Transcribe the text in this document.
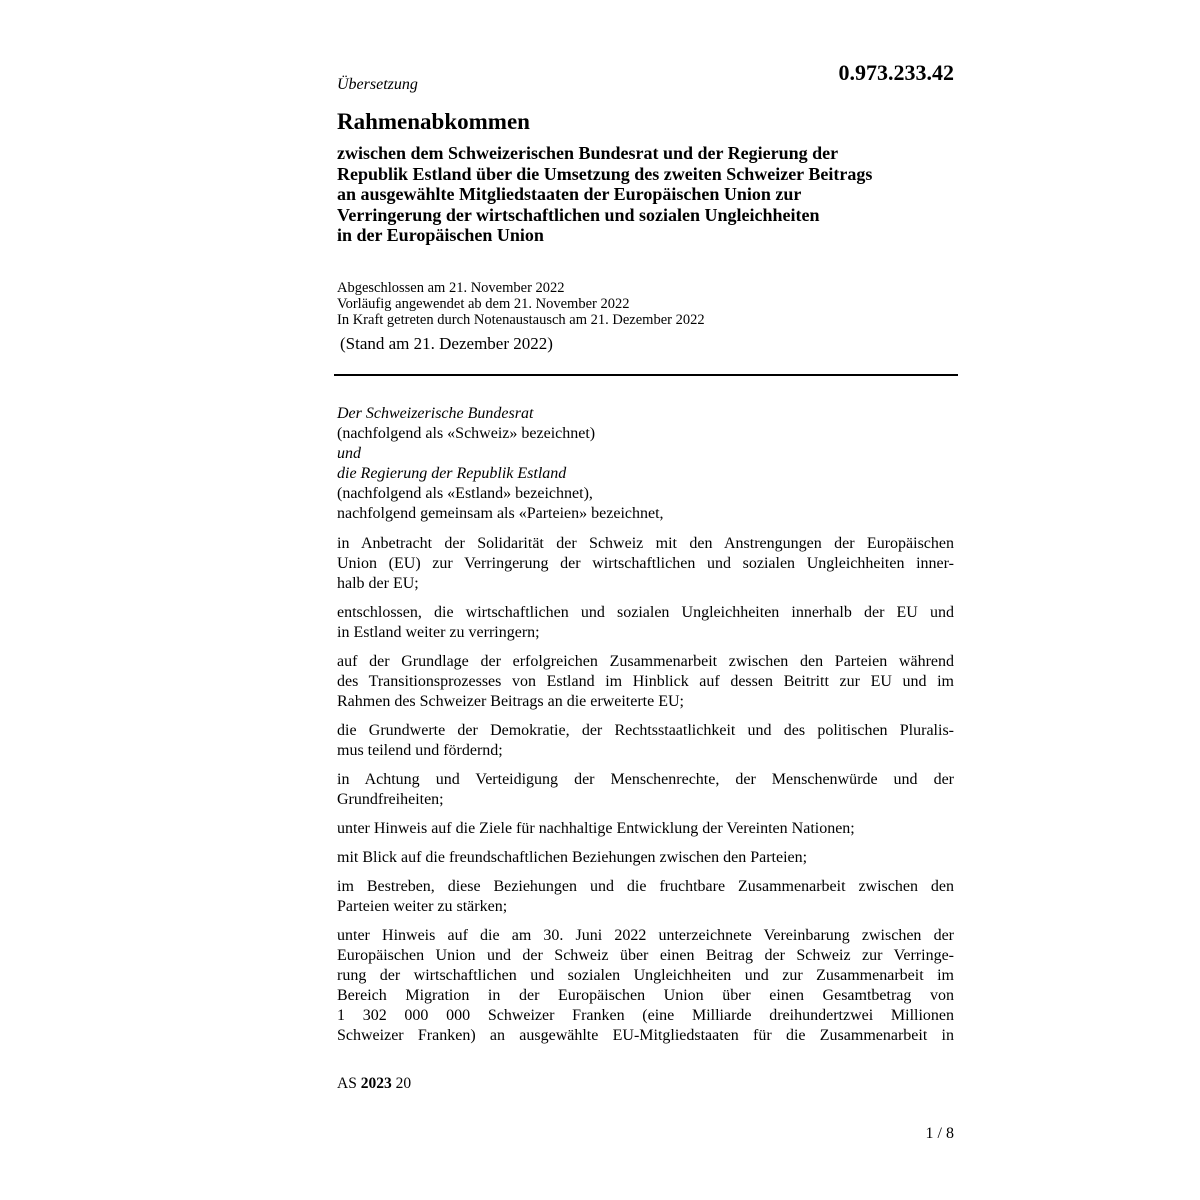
0.973.233.42
Übersetzung
Rahmenabkommen
zwischen dem Schweizerischen Bundesrat und der Regierung der
Republik Estland über die Umsetzung des zweiten Schweizer Beitrags
an ausgewählte Mitgliedstaaten der Europäischen Union zur
Verringerung der wirtschaftlichen und sozialen Ungleichheiten
in der Europäischen Union
Abgeschlossen am 21. November 2022
Vorläufig angewendet ab dem 21. November 2022
In Kraft getreten durch Notenaustausch am 21. Dezember 2022
(Stand am 21. Dezember 2022)
Der Schweizerische Bundesrat
(nachfolgend als «Schweiz» bezeichnet)
und
die Regierung der Republik Estland
(nachfolgend als «Estland» bezeichnet),
nachfolgend gemeinsam als «Parteien» bezeichnet,
in Anbetracht der Solidarität der Schweiz mit den Anstrengungen der Europäischen
Union (EU) zur Verringerung der wirtschaftlichen und sozialen Ungleichheiten inner-
halb der EU;
entschlossen, die wirtschaftlichen und sozialen Ungleichheiten innerhalb der EU und
in Estland weiter zu verringern;
auf der Grundlage der erfolgreichen Zusammenarbeit zwischen den Parteien während
des Transitionsprozesses von Estland im Hinblick auf dessen Beitritt zur EU und im
Rahmen des Schweizer Beitrags an die erweiterte EU;
die Grundwerte der Demokratie, der Rechtsstaatlichkeit und des politischen Pluralis-
mus teilend und fördernd;
in Achtung und Verteidigung der Menschenrechte, der Menschenwürde und der
Grundfreiheiten;
unter Hinweis auf die Ziele für nachhaltige Entwicklung der Vereinten Nationen;
mit Blick auf die freundschaftlichen Beziehungen zwischen den Parteien;
im Bestreben, diese Beziehungen und die fruchtbare Zusammenarbeit zwischen den
Parteien weiter zu stärken;
unter Hinweis auf die am 30. Juni 2022 unterzeichnete Vereinbarung zwischen der
Europäischen Union und der Schweiz über einen Beitrag der Schweiz zur Verringe-
rung der wirtschaftlichen und sozialen Ungleichheiten und zur Zusammenarbeit im
Bereich Migration in der Europäischen Union über einen Gesamtbetrag von
1 302 000 000 Schweizer Franken (eine Milliarde dreihundertzwei Millionen
Schweizer Franken) an ausgewählte EU-Mitgliedstaaten für die Zusammenarbeit in
AS 2023 20
1 / 8
